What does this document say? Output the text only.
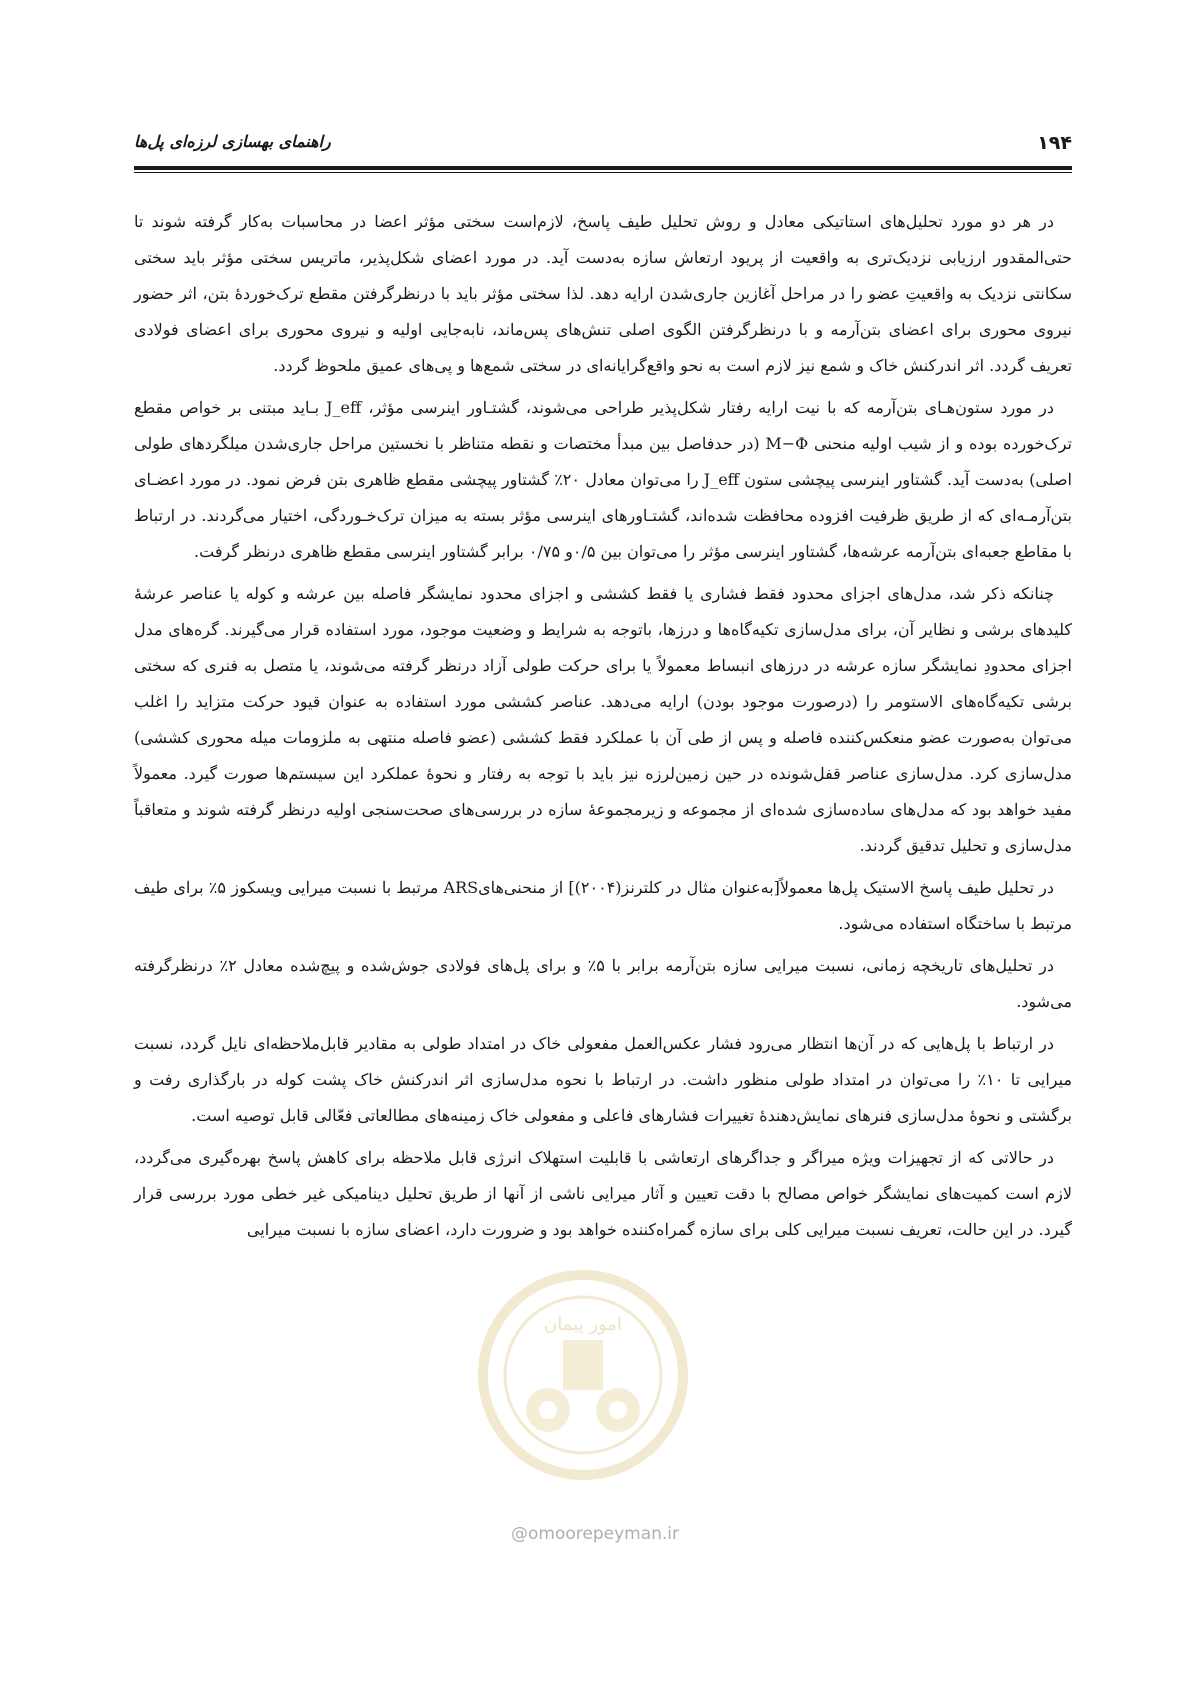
۱۹۴
راهنمای بهسازی لرزه‌ای پل‌ها

در هر دو مورد تحلیل‌های استاتیکی معادل و روش تحلیل طیف پاسخ، لازم‌است سختی مؤثر اعضا در محاسبات به‌کار گرفته شوند تا حتی‌المقدور ارزیابی نزدیک‌تری به واقعیت از پریود ارتعاش سازه به‌دست آید. در مورد اعضای شکل‌پذیر، ماتریس سختی مؤثر باید سختی سکانتی نزدیک به واقعیتِ عضو را در مراحل آغازین جاری‌شدن ارایه دهد. لذا سختی مؤثر باید با درنظرگرفتن مقطع ترک‌خوردهٔ بتن، اثر حضور نیروی محوری برای اعضای بتن‌آرمه و با درنظرگرفتن الگوی اصلی تنش‌های پس‌ماند، نابه‌جایی اولیه و نیروی محوری برای اعضای فولادی تعریف گردد. اثر اندرکنش خاک و شمع نیز لازم است به نحو واقع‌گرایانه‌ای در سختی شمع‌ها و پی‌های عمیق ملحوظ گردد.

در مورد ستون‌هـای بتن‌آرمه که با نیت ارایه رفتار شکل‌پذیر طراحی می‌شوند، گشتـاور اینرسی مؤثر، J_eff بـاید مبتنی بر خواص مقطع ترک‌خورده بوده و از شیب اولیه منحنی M−Φ (در حدفاصل بین مبدأ مختصات و نقطه متناظر با نخستین مراحل جاری‌شدن میلگردهای طولی اصلی) به‌دست آید. گشتاور اینرسی پیچشی ستون J_eff را می‌توان معادل ۲۰٪ گشتاور پیچشی مقطع ظاهری بتن فرض نمود. در مورد اعضـای بتن‌آرمـه‌ای که از طریق ظرفیت افزوده محافظت شده‌اند، گشتـاورهای اینرسی مؤثر بسته به میزان ترک‌خـوردگی، اختیار می‌گردند. در ارتباط با مقاطع جعبه‌ای بتن‌آرمه عرشه‌ها، گشتاور اینرسی مؤثر را می‌توان بین ۰/۵و ۰/۷۵ برابر گشتاور اینرسی مقطع ظاهری درنظر گرفت.

چنانکه ذکر شد، مدل‌های اجزای محدود فقط فشاری یا فقط کششی و اجزای محدود نمایشگر فاصله بین عرشه و کوله یا عناصر عرشهٔ کلیدهای برشی و نظایر آن، برای مدل‌سازی تکیه‌گاه‌ها و درزها، باتوجه به شرایط و وضعیت موجود، مورد استفاده قرار می‌گیرند. گره‌های مدل اجزای محدودِ نمایشگر سازه عرشه در درزهای انبساط معمولاً یا برای حرکت طولی آزاد درنظر گرفته می‌شوند، یا متصل به فنری که سختی برشی تکیه‌گاه‌های الاستومر را (درصورت موجود بودن) ارایه می‌دهد. عناصر کششی مورد استفاده به عنوان قیود حرکت متزاید را اغلب می‌توان به‌صورت عضو منعکس‌کننده فاصله و پس از طی آن با عملکرد فقط کششی (عضو فاصله منتهی به ملزومات میله محوری کششی) مدل‌سازی کرد. مدل‌سازی عناصر قفل‌شونده در حین زمین‌لرزه نیز باید با توجه به رفتار و نحوهٔ عملکرد این سیستم‌ها صورت گیرد. معمولاً مفید خواهد بود که مدل‌های ساده‌سازی شده‌ای از مجموعه و زیرمجموعهٔ سازه در بررسی‌های صحت‌سنجی اولیه درنظر گرفته شوند و متعاقباً مدل‌سازی و تحلیل تدقیق گردند.

در تحلیل طیف پاسخ الاستیک پل‌ها معمولاً[به‌عنوان مثال در کلترنز(۲۰۰۴)] از منحنی‌هایARS مرتبط با نسبت میرایی ویسکوز ۵٪ برای طیف مرتبط با ساختگاه استفاده می‌شود.

در تحلیل‌های تاریخچه زمانی، نسبت میرایی سازه بتن‌آرمه برابر با ۵٪ و برای پل‌های فولادی جوش‌شده و پیچ‌شده معادل ۲٪ درنظرگرفته می‌شود.

در ارتباط با پل‌هایی که در آن‌ها انتظار می‌رود فشار عکس‌العمل مفعولی خاک در امتداد طولی به مقادیر قابل‌ملاحظه‌ای نایل گردد، نسبت میرایی تا ۱۰٪ را می‌توان در امتداد طولی منظور داشت. در ارتباط با نحوه مدل‌سازی اثر اندرکنش خاک پشت کوله در بارگذاری رفت و برگشتی و نحوهٔ مدل‌سازی فنرهای نمایش‌دهندهٔ تغییرات فشارهای فاعلی و مفعولی خاک زمینه‌های مطالعاتی فعّالی قابل توصیه است.

در حالاتی که از تجهیزات ویژه میراگر و جداگرهای ارتعاشی با قابلیت استهلاک انرژی قابل ملاحظه برای کاهش پاسخ بهره‌گیری می‌گردد، لازم است کمیت‌های نمایشگر خواص مصالح با دقت تعیین و آثار میرایی ناشی از آنها از طریق تحلیل دینامیکی غیر خطی مورد بررسی قرار گیرد. در این حالت، تعریف نسبت میرایی کلی برای سازه گمراه‌کننده خواهد بود و ضرورت دارد، اعضای سازه با نسبت میرایی

امور پیمان
@omoorepeyman.ir
